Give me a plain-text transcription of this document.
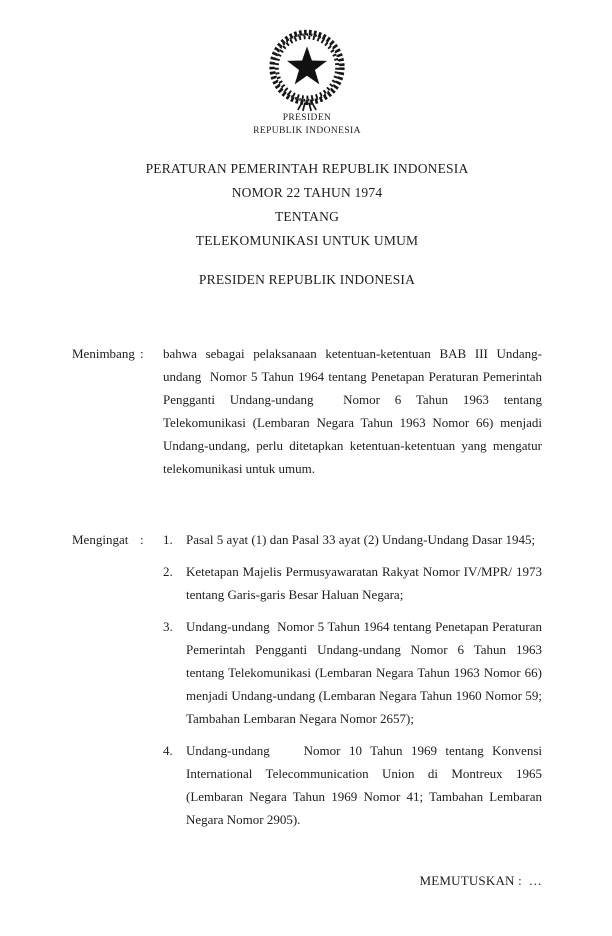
PRESIDEN
REPUBLIK INDONESIA
PERATURAN PEMERINTAH REPUBLIK INDONESIA
NOMOR 22 TAHUN 1974
TENTANG
TELEKOMUNIKASI UNTUK UMUM
PRESIDEN REPUBLIK INDONESIA
Menimbang :	bahwa sebagai pelaksanaan ketentuan-ketentuan BAB III Undang-undang  Nomor 5 Tahun 1964 tentang Penetapan Peraturan Pemerintah Pengganti Undang-undang  Nomor 6 Tahun 1963 tentang Telekomunikasi (Lembaran Negara Tahun 1963 Nomor 66) menjadi Undang-undang, perlu ditetapkan ketentuan-ketentuan yang mengatur telekomunikasi untuk umum.
Mengingat :	1.	Pasal 5 ayat (1) dan Pasal 33 ayat (2) Undang-Undang Dasar 1945;
2.	Ketetapan Majelis Permusyawaratan Rakyat Nomor IV/MPR/ 1973 tentang Garis-garis Besar Haluan Negara;
3.	Undang-undang  Nomor 5 Tahun 1964 tentang Penetapan Peraturan Pemerintah Pengganti Undang-undang Nomor 6 Tahun 1963 tentang Telekomunikasi (Lembaran Negara Tahun 1963 Nomor 66) menjadi Undang-undang (Lembaran Negara Tahun 1960 Nomor 59; Tambahan Lembaran Negara Nomor 2657);
4.	Undang-undang    Nomor 10 Tahun 1969 tentang Konvensi International Telecommunication Union di Montreux 1965 (Lembaran Negara Tahun 1969 Nomor 41; Tambahan Lembaran Negara Nomor 2905).
MEMUTUSKAN :  …
